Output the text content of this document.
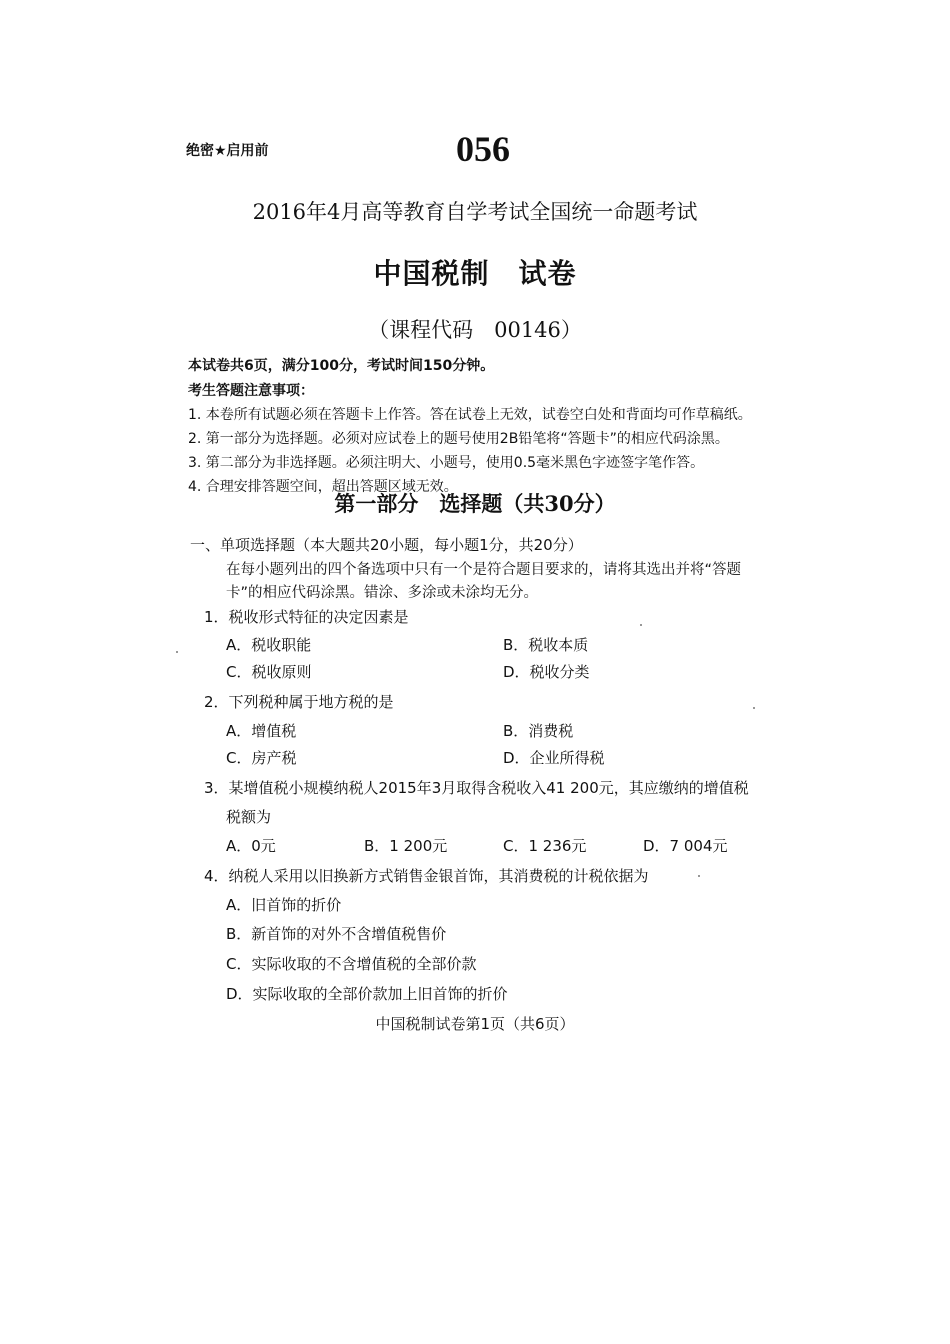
绝密★启用前	056
2016年4月高等教育自学考试全国统一命题考试
中国税制　试卷
（课程代码　00146）
本试卷共6页，满分100分，考试时间150分钟。
考生答题注意事项：
1. 本卷所有试题必须在答题卡上作答。答在试卷上无效，试卷空白处和背面均可作草稿纸。
2. 第一部分为选择题。必须对应试卷上的题号使用2B铅笔将“答题卡”的相应代码涂黑。
3. 第二部分为非选择题。必须注明大、小题号，使用0.5毫米黑色字迹签字笔作答。
4. 合理安排答题空间，超出答题区域无效。
第一部分　选择题（共30分）
一、单项选择题（本大题共20小题，每小题1分，共20分）
在每小题列出的四个备选项中只有一个是符合题目要求的，请将其选出并将“答题
卡”的相应代码涂黑。错涂、多涂或未涂均无分。
1．税收形式特征的决定因素是
A．税收职能	B．税收本质
C．税收原则	D．税收分类
2．下列税种属于地方税的是
A．增值税	B．消费税
C．房产税	D．企业所得税
3．某增值税小规模纳税人2015年3月取得含税收入41 200元，其应缴纳的增值税
税额为
A．0元	B．1 200元	C．1 236元	D．7 004元
4．纳税人采用以旧换新方式销售金银首饰，其消费税的计税依据为
A．旧首饰的折价
B．新首饰的对外不含增值税售价
C．实际收取的不含增值税的全部价款
D．实际收取的全部价款加上旧首饰的折价
中国税制试卷第1页（共6页）
